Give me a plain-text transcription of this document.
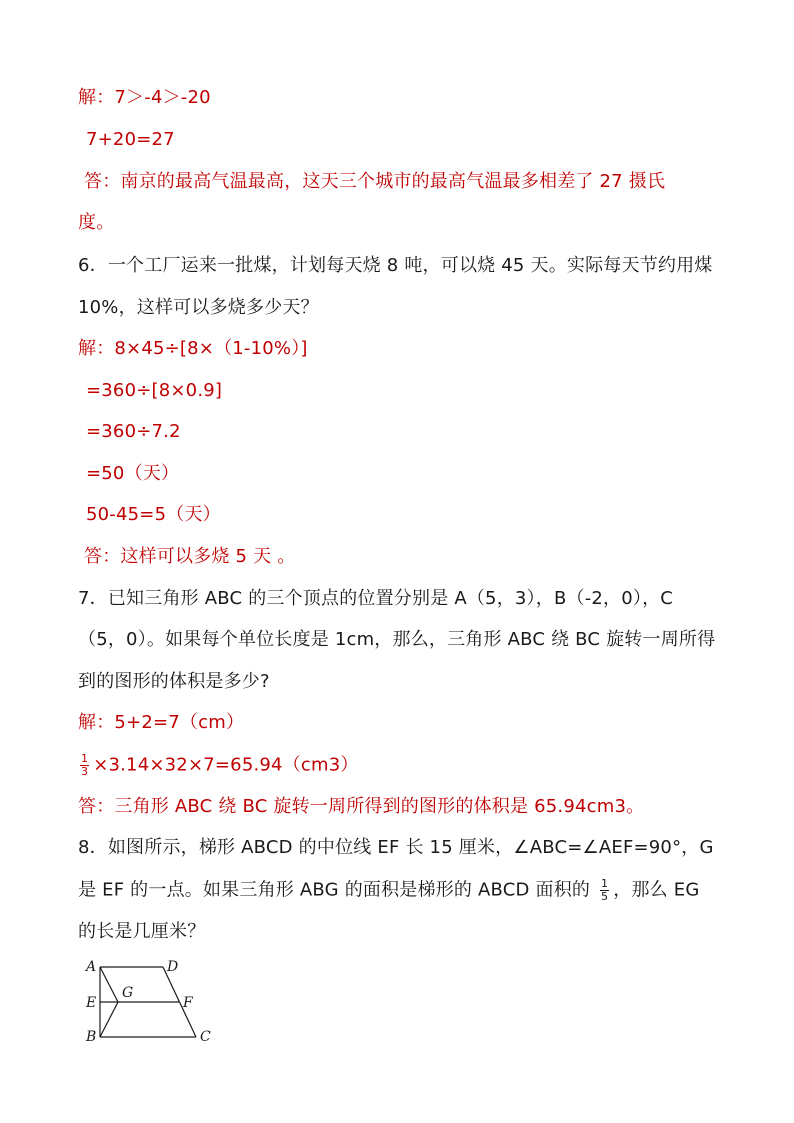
解：7＞-4＞-20
7+20=27
答：南京的最高气温最高，这天三个城市的最高气温最多相差了 27 摄氏
度。
6．一个工厂运来一批煤，计划每天烧 8 吨，可以烧 45 天。实际每天节约用煤
10%，这样可以多烧多少天？
解：8×45÷[8×（1-10%）]
=360÷[8×0.9]
=360÷7.2
=50（天）
50-45=5（天）
答：这样可以多烧 5 天 。
7．已知三角形 ABC 的三个顶点的位置分别是 A（5，3），B（-2，0），C
（5，0）。如果每个单位长度是 1cm，那么，三角形 ABC 绕 BC 旋转一周所得
到的图形的体积是多少?
解：5+2=7（cm）
$\frac{1}{3} \times 3.14\times 32\times 7=65.94(cm3)$
答：三角形 ABC 绕 BC 旋转一周所得到的图形的体积是 65.94cm3。
8．如图所示，梯形 ABCD 的中位线 EF 长 15 厘米，∠ABC=∠AEF=90°，G
是 EF 的一点。如果三角形 ABG 的面积是梯形的 ABCD 面积的 $\frac{1}{5}$ ，那么 EG
的长是几厘米？
A	D
E
G
F
B	C
